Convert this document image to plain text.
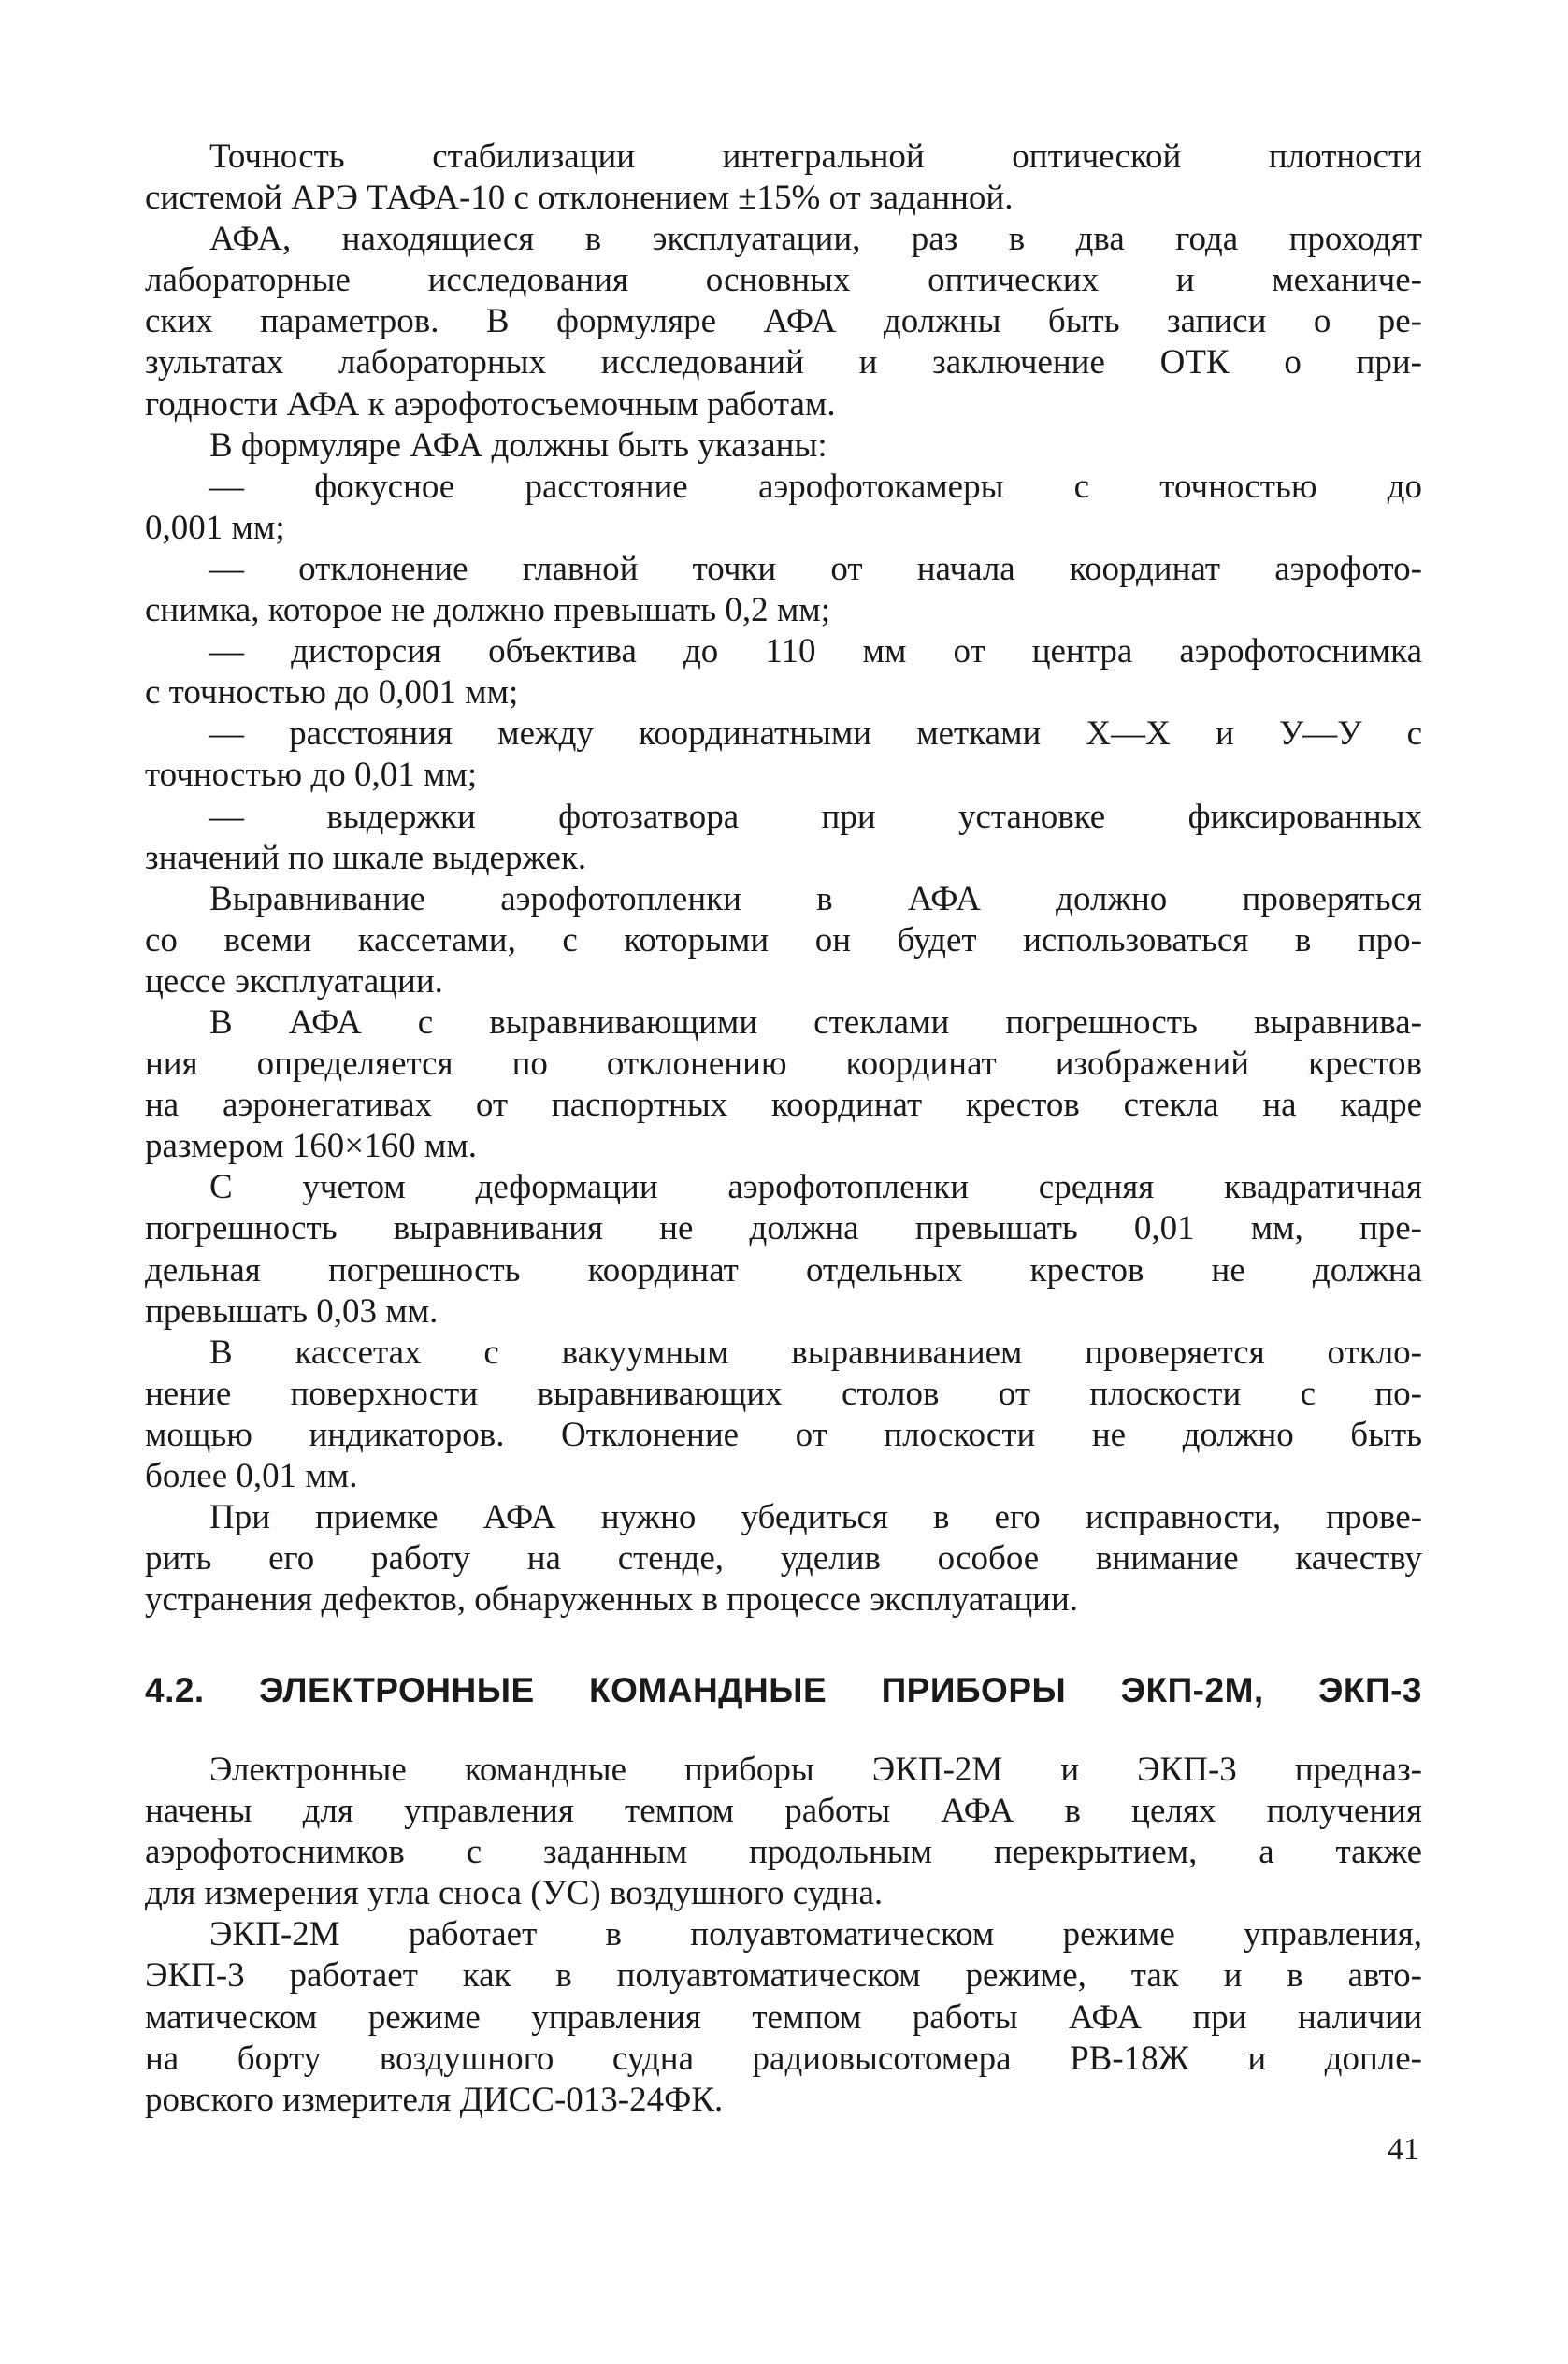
Точность стабилизации интегральной оптической плотности
системой АРЭ ТАФА-10 с отклонением ±15% от заданной.
АФА, находящиеся в эксплуатации, раз в два года проходят
лабораторные исследования основных оптических и механиче-
ских параметров. В формуляре АФА должны быть записи о ре-
зультатах лабораторных исследований и заключение ОТК о при-
годности АФА к аэрофотосъемочным работам.
В формуляре АФА должны быть указаны:
— фокусное расстояние аэрофотокамеры с точностью до
0,001 мм;
— отклонение главной точки от начала координат аэрофото-
снимка, которое не должно превышать 0,2 мм;
— дисторсия объектива до 110 мм от центра аэрофотоснимка
с точностью до 0,001 мм;
— расстояния между координатными метками Х—Х и У—У с
точностью до 0,01 мм;
— выдержки фотозатвора при установке фиксированных
значений по шкале выдержек.
Выравнивание аэрофотопленки в АФА должно проверяться
со всеми кассетами, с которыми он будет использоваться в про-
цессе эксплуатации.
В АФА с выравнивающими стеклами погрешность выравнива-
ния определяется по отклонению координат изображений крестов
на аэронегативах от паспортных координат крестов стекла на кадре
размером 160×160 мм.
С учетом деформации аэрофотопленки средняя квадратичная
погрешность выравнивания не должна превышать 0,01 мм, пре-
дельная погрешность координат отдельных крестов не должна
превышать 0,03 мм.
В кассетах с вакуумным выравниванием проверяется откло-
нение поверхности выравнивающих столов от плоскости с по-
мощью индикаторов. Отклонение от плоскости не должно быть
более 0,01 мм.
При приемке АФА нужно убедиться в его исправности, прове-
рить его работу на стенде, уделив особое внимание качеству
устранения дефектов, обнаруженных в процессе эксплуатации.
4.2. ЭЛЕКТРОННЫЕ КОМАНДНЫЕ ПРИБОРЫ ЭКП-2М, ЭКП-3
Электронные командные приборы ЭКП-2М и ЭКП-3 предназ-
начены для управления темпом работы АФА в целях получения
аэрофотоснимков с заданным продольным перекрытием, а также
для измерения угла сноса (УС) воздушного судна.
ЭКП-2М работает в полуавтоматическом режиме управления,
ЭКП-3 работает как в полуавтоматическом режиме, так и в авто-
матическом режиме управления темпом работы АФА при наличии
на борту воздушного судна радиовысотомера РВ-18Ж и допле-
ровского измерителя ДИСС-013-24ФК.
41
